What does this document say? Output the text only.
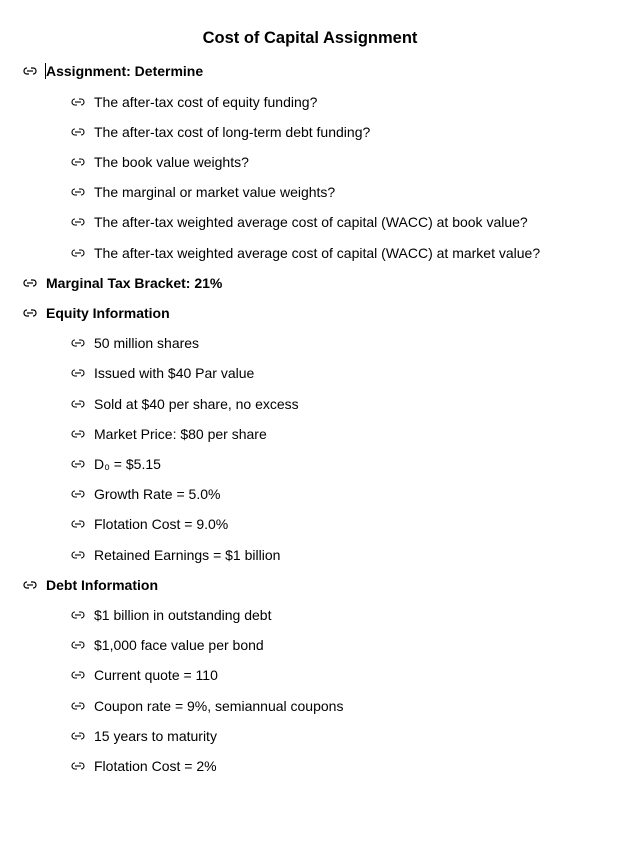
Cost of Capital Assignment
Assignment: Determine
The after-tax cost of equity funding?
The after-tax cost of long-term debt funding?
The book value weights?
The marginal or market value weights?
The after-tax weighted average cost of capital (WACC) at book value?
The after-tax weighted average cost of capital (WACC) at market value?
Marginal Tax Bracket: 21%
Equity Information
50 million shares
Issued with $40 Par value
Sold at $40 per share, no excess
Market Price: $80 per share
D₀ = $5.15
Growth Rate = 5.0%
Flotation Cost = 9.0%
Retained Earnings = $1 billion
Debt Information
$1 billion in outstanding debt
$1,000 face value per bond
Current quote = 110
Coupon rate = 9%, semiannual coupons
15 years to maturity
Flotation Cost = 2%
